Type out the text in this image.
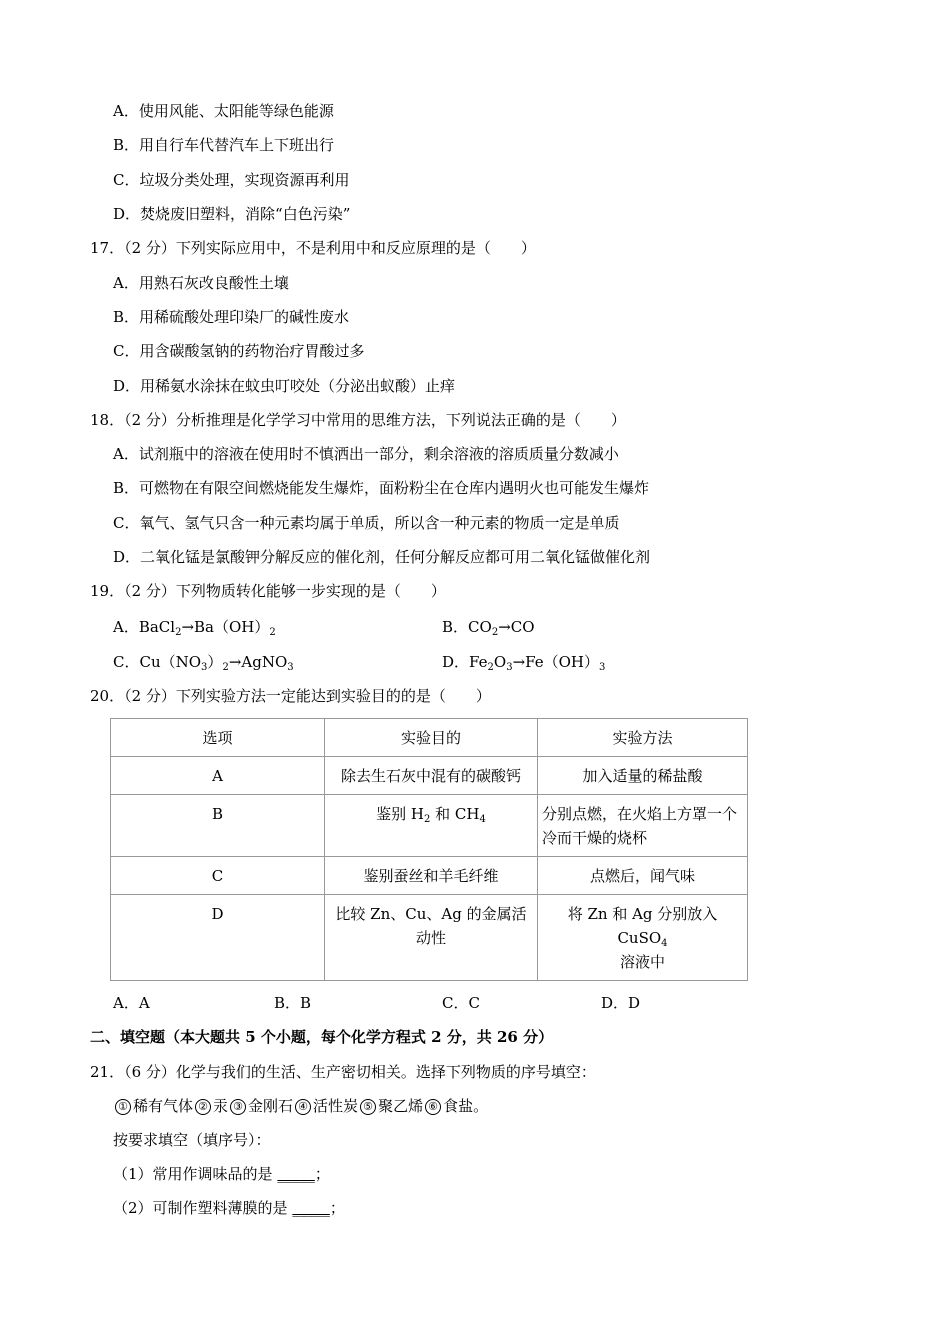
A．使用风能、太阳能等绿色能源
B．用自行车代替汽车上下班出行
C．垃圾分类处理，实现资源再利用
D．焚烧废旧塑料，消除“白色污染”
17．（2 分）下列实际应用中，不是利用中和反应原理的是（　　）
A．用熟石灰改良酸性土壤
B．用稀硫酸处理印染厂的碱性废水
C．用含碳酸氢钠的药物治疗胃酸过多
D．用稀氨水涂抹在蚊虫叮咬处（分泌出蚁酸）止痒
18．（2 分）分析推理是化学学习中常用的思维方法，下列说法正确的是（　　）
A．试剂瓶中的溶液在使用时不慎洒出一部分，剩余溶液的溶质质量分数减小
B．可燃物在有限空间燃烧能发生爆炸，面粉粉尘在仓库内遇明火也可能发生爆炸
C．氧气、氢气只含一种元素均属于单质，所以含一种元素的物质一定是单质
D．二氧化锰是氯酸钾分解反应的催化剂，任何分解反应都可用二氧化锰做催化剂
19．（2 分）下列物质转化能够一步实现的是（　　）
A．$BaCl_2\to Ba(OH)_2$	B．$CO_2\to CO$
C．$Cu(NO_3)_2\to AgNO_3$	D．$Fe_2O_3\to Fe(OH)_3$
20．（2 分）下列实验方法一定能达到实验目的的是（　　）
选项	实验目的	实验方法
A	除去生石灰中混有的碳酸钙	加入适量的稀盐酸
B	鉴别 $H_2$ 和 $CH_4$	分别点燃，在火焰上方罩一个冷而干燥的烧杯
C	鉴别蚕丝和羊毛纤维	点燃后，闻气味
D	比较 Zn、Cu、Ag 的金属活动性	将 Zn 和 Ag 分别放入 CuSO$_4$
溶液中
A．A	B．B	C．C	D．D
二、填空题（本大题共 5 个小题，每个化学方程式 2 分，共 26 分）
21．（6 分）化学与我们的生活、生产密切相关。选择下列物质的序号填空：
① 稀有气体 ② 汞 ③ 金刚石 ④ 活性炭 ⑤ 聚乙烯 ⑥ 食盐。
按要求填空（填序号）：
（1）常用作调味品的是 _____；
（2）可制作塑料薄膜的是 _____；
